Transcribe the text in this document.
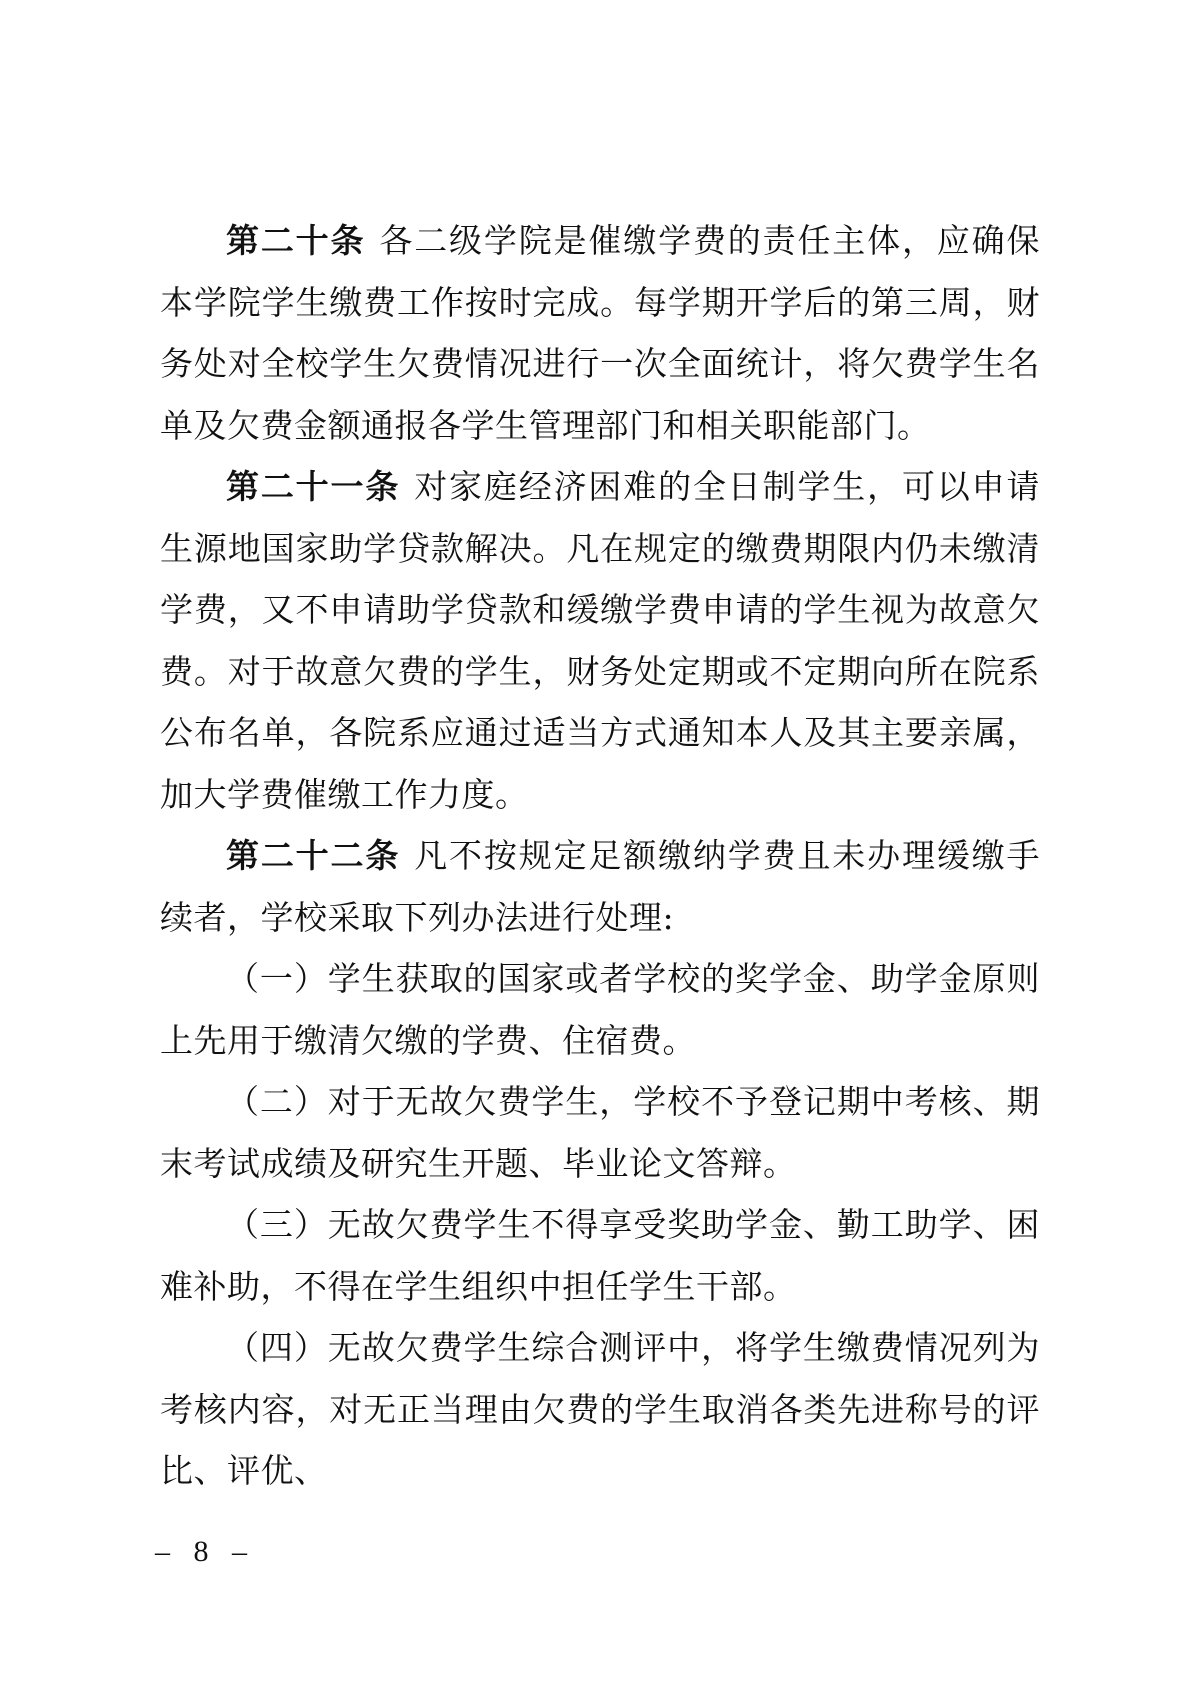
第二十条 各二级学院是催缴学费的责任主体，应确保本学院学生缴费工作按时完成。每学期开学后的第三周，财务处对全校学生欠费情况进行一次全面统计，将欠费学生名单及欠费金额通报各学生管理部门和相关职能部门。

第二十一条 对家庭经济困难的全日制学生，可以申请生源地国家助学贷款解决。凡在规定的缴费期限内仍未缴清学费，又不申请助学贷款和缓缴学费申请的学生视为故意欠费。对于故意欠费的学生，财务处定期或不定期向所在院系公布名单，各院系应通过适当方式通知本人及其主要亲属，加大学费催缴工作力度。

第二十二条 凡不按规定足额缴纳学费且未办理缓缴手续者，学校采取下列办法进行处理:

（一）学生获取的国家或者学校的奖学金、助学金原则上先用于缴清欠缴的学费、住宿费。

（二）对于无故欠费学生，学校不予登记期中考核、期末考试成绩及研究生开题、毕业论文答辩。

（三）无故欠费学生不得享受奖助学金、勤工助学、困难补助，不得在学生组织中担任学生干部。

（四）无故欠费学生综合测评中，将学生缴费情况列为考核内容，对无正当理由欠费的学生取消各类先进称号的评比、评优、

– 8 –
